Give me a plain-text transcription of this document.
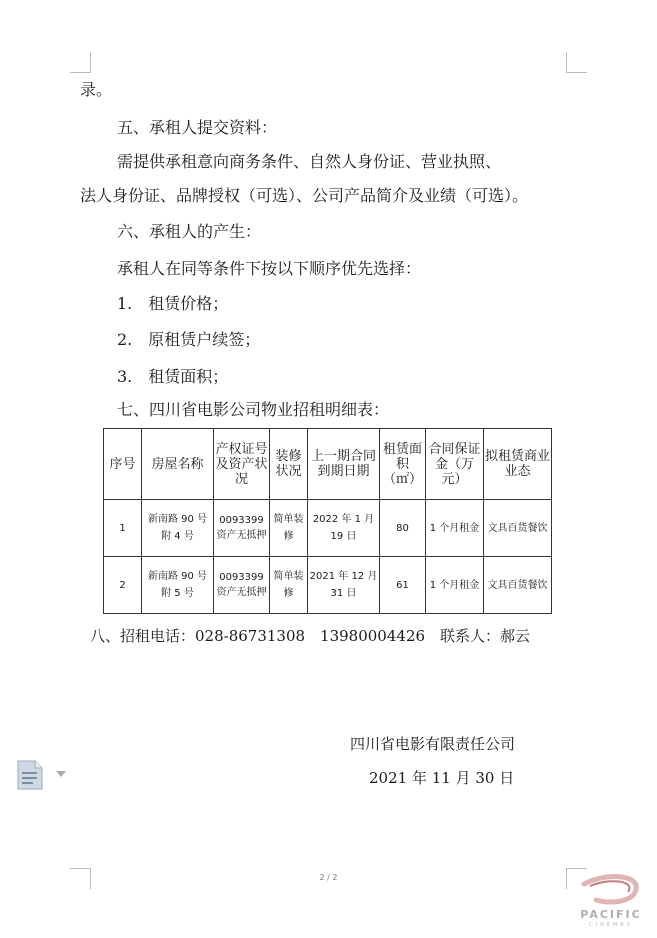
录。
五、承租人提交资料：
需提供承租意向商务条件、自然人身份证、营业执照、
法人身份证、品牌授权（可选）、公司产品简介及业绩（可选）。
六、承租人的产生：
承租人在同等条件下按以下顺序优先选择：
1.　租赁价格；
2.　原租赁户续签；
3.　租赁面积；
七、四川省电影公司物业招租明细表：
序号	房屋名称	产权证号及资产状况	装修状况	上一期合同到期日期	租赁面积（㎡）	合同保证金（万元）	拟租赁商业业态
1	新南路 90 号附 4 号	0093399 资产无抵押	简单装修	2022 年 1 月 19 日	80	1 个月租金	文具百货餐饮
2	新南路 90 号附 5 号	0093399 资产无抵押	简单装修	2021 年 12 月 31 日	61	1 个月租金	文具百货餐饮
八、招租电话：028-86731308　13980004426　联系人：郝云
四川省电影有限责任公司
2021 年 11 月 30 日
2 / 2
PACIFIC
CINEMAS
